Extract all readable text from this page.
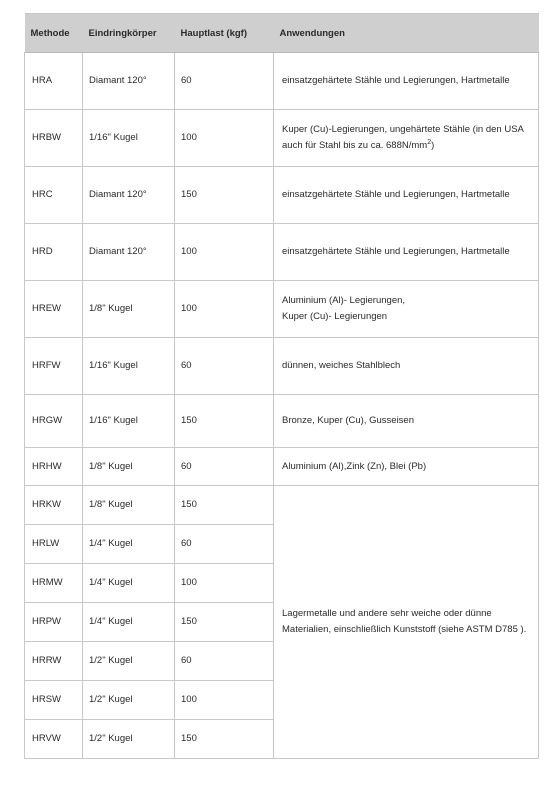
Methode	Eindringkörper	Hauptlast (kgf)	Anwendungen
HRA	Diamant 120°	60	einsatzgehärtete Stähle und Legierungen, Hartmetalle
HRBW	1/16" Kugel	100	Kuper (Cu)-Legierungen, ungehärtete Stähle (in den USA auch für Stahl bis zu ca. $688N/mm^2$)
HRC	Diamant 120°	150	einsatzgehärtete Stähle und Legierungen, Hartmetalle
HRD	Diamant 120°	100	einsatzgehärtete Stähle und Legierungen, Hartmetalle
HREW	1/8" Kugel	100	Aluminium (Al)- Legierungen,
Kuper (Cu)- Legierungen
HRFW	1/16" Kugel	60	dünnen, weiches Stahlblech
HRGW	1/16" Kugel	150	Bronze, Kuper (Cu), Gusseisen
HRHW	1/8" Kugel	60	Aluminium (Al),Zink (Zn), Blei (Pb)
HRKW	1/8" Kugel	150	Lagermetalle und andere sehr weiche oder dünne Materialien, einschließlich Kunststoff (siehe ASTM D785 ).
HRLW	1/4" Kugel	60	
HRMW	1/4" Kugel	100	
HRPW	1/4" Kugel	150	
HRRW	1/2" Kugel	60	
HRSW	1/2" Kugel	100	
HRVW	1/2" Kugel	150	
